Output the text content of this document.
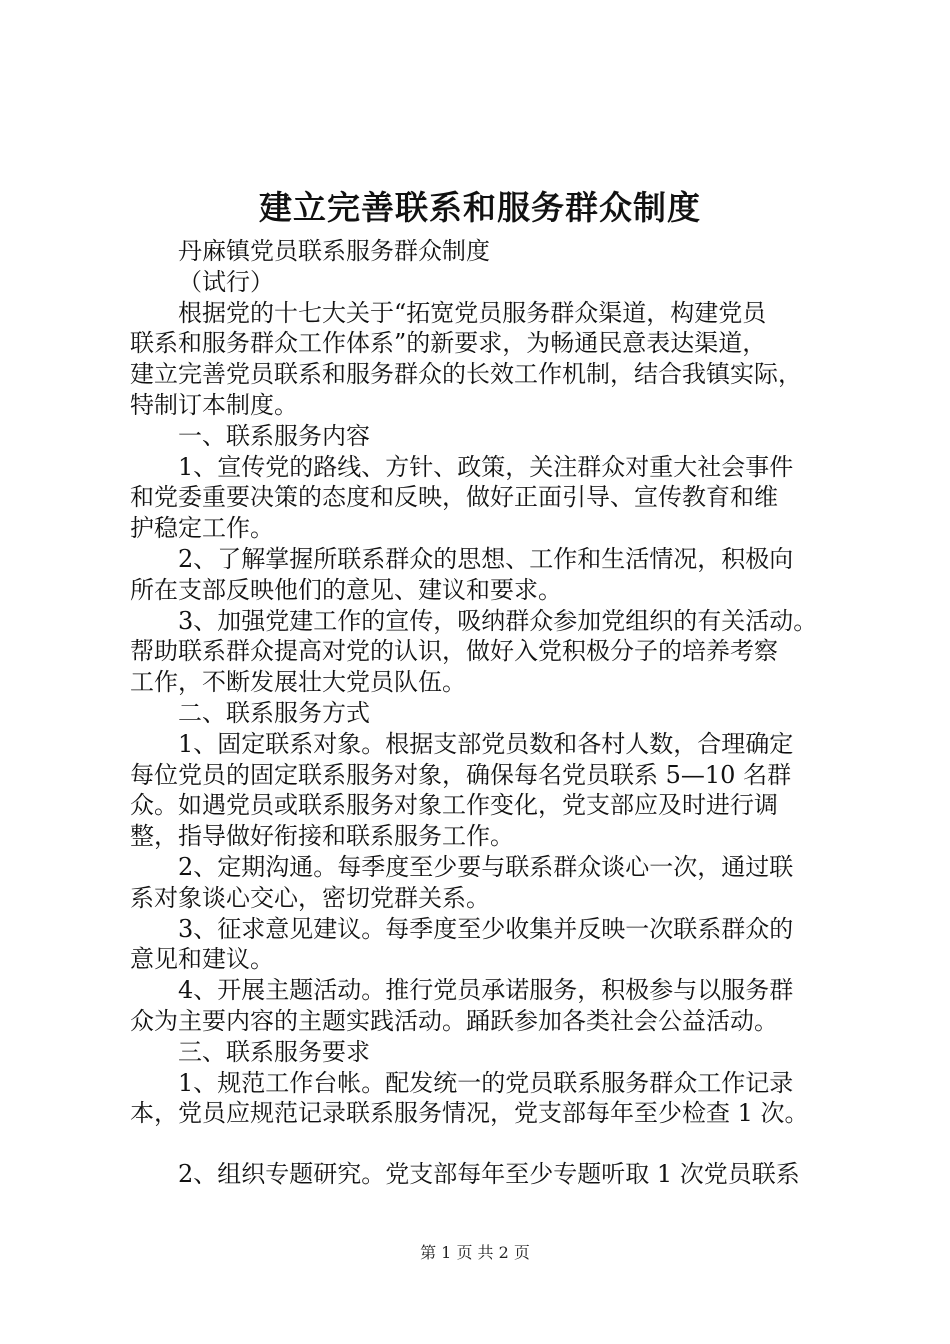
建立完善联系和服务群众制度

丹麻镇党员联系服务群众制度

（试行）

根据党的十七大关于“拓宽党员服务群众渠道，构建党员

联系和服务群众工作体系”的新要求，为畅通民意表达渠道，

建立完善党员联系和服务群众的长效工作机制，结合我镇实际，

特制订本制度。

一、联系服务内容

1、宣传党的路线、方针、政策，关注群众对重大社会事件

和党委重要决策的态度和反映，做好正面引导、宣传教育和维

护稳定工作。

2、了解掌握所联系群众的思想、工作和生活情况，积极向

所在支部反映他们的意见、建议和要求。

3、加强党建工作的宣传，吸纳群众参加党组织的有关活动。

帮助联系群众提高对党的认识，做好入党积极分子的培养考察

工作，不断发展壮大党员队伍。

二、联系服务方式

1、固定联系对象。根据支部党员数和各村人数，合理确定

每位党员的固定联系服务对象，确保每名党员联系 5—10 名群

众。如遇党员或联系服务对象工作变化，党支部应及时进行调

整，指导做好衔接和联系服务工作。

2、定期沟通。每季度至少要与联系群众谈心一次，通过联

系对象谈心交心，密切党群关系。

3、征求意见建议。每季度至少收集并反映一次联系群众的

意见和建议。

4、开展主题活动。推行党员承诺服务，积极参与以服务群

众为主要内容的主题实践活动。踊跃参加各类社会公益活动。

三、联系服务要求

1、规范工作台帐。配发统一的党员联系服务群众工作记录

本，党员应规范记录联系服务情况，党支部每年至少检查 1 次。

2、组织专题研究。党支部每年至少专题听取 1 次党员联系

第 1 页 共 2 页
